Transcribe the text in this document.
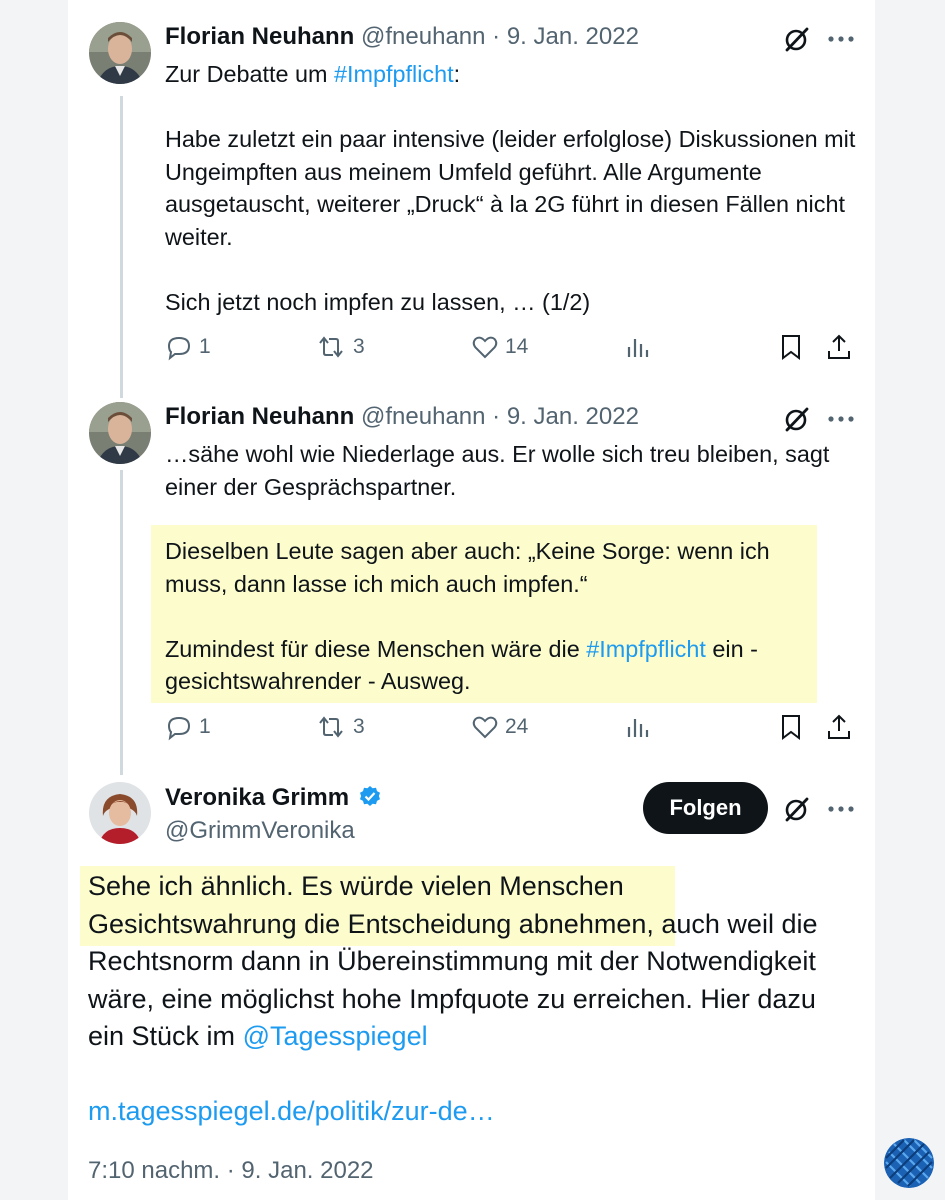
Florian Neuhann @fneuhann · 9. Jan. 2022

Zur Debatte um #Impfpflicht:

Habe zuletzt ein paar intensive (leider erfolglose) Diskussionen mit Ungeimpften aus meinem Umfeld geführt. Alle Argumente ausgetauscht, weiterer „Druck“ à la 2G führt in diesen Fällen nicht weiter.

Sich jetzt noch impfen zu lassen, … (1/2)

1	3	14
Florian Neuhann @fneuhann · 9. Jan. 2022

…sähe wohl wie Niederlage aus. Er wolle sich treu bleiben, sagt einer der Gesprächspartner.

Dieselben Leute sagen aber auch: „Keine Sorge: wenn ich muss, dann lasse ich mich auch impfen.“

Zumindest für diese Menschen wäre die #Impfpflicht ein - gesichtswahrender - Ausweg.

1	3	24
Veronika Grimm
@GrimmVeronika
Folgen
Sehe ich ähnlich. Es würde vielen Menschen
Gesichtswahrung die Entscheidung abnehmen, auch weil die
Rechtsnorm dann in Übereinstimmung mit der Notwendigkeit
wäre, eine möglichst hohe Impfquote zu erreichen. Hier dazu
ein Stück im @Tagesspiegel
m.tagesspiegel.de/politik/zur-de…
7:10 nachm. · 9. Jan. 2022
